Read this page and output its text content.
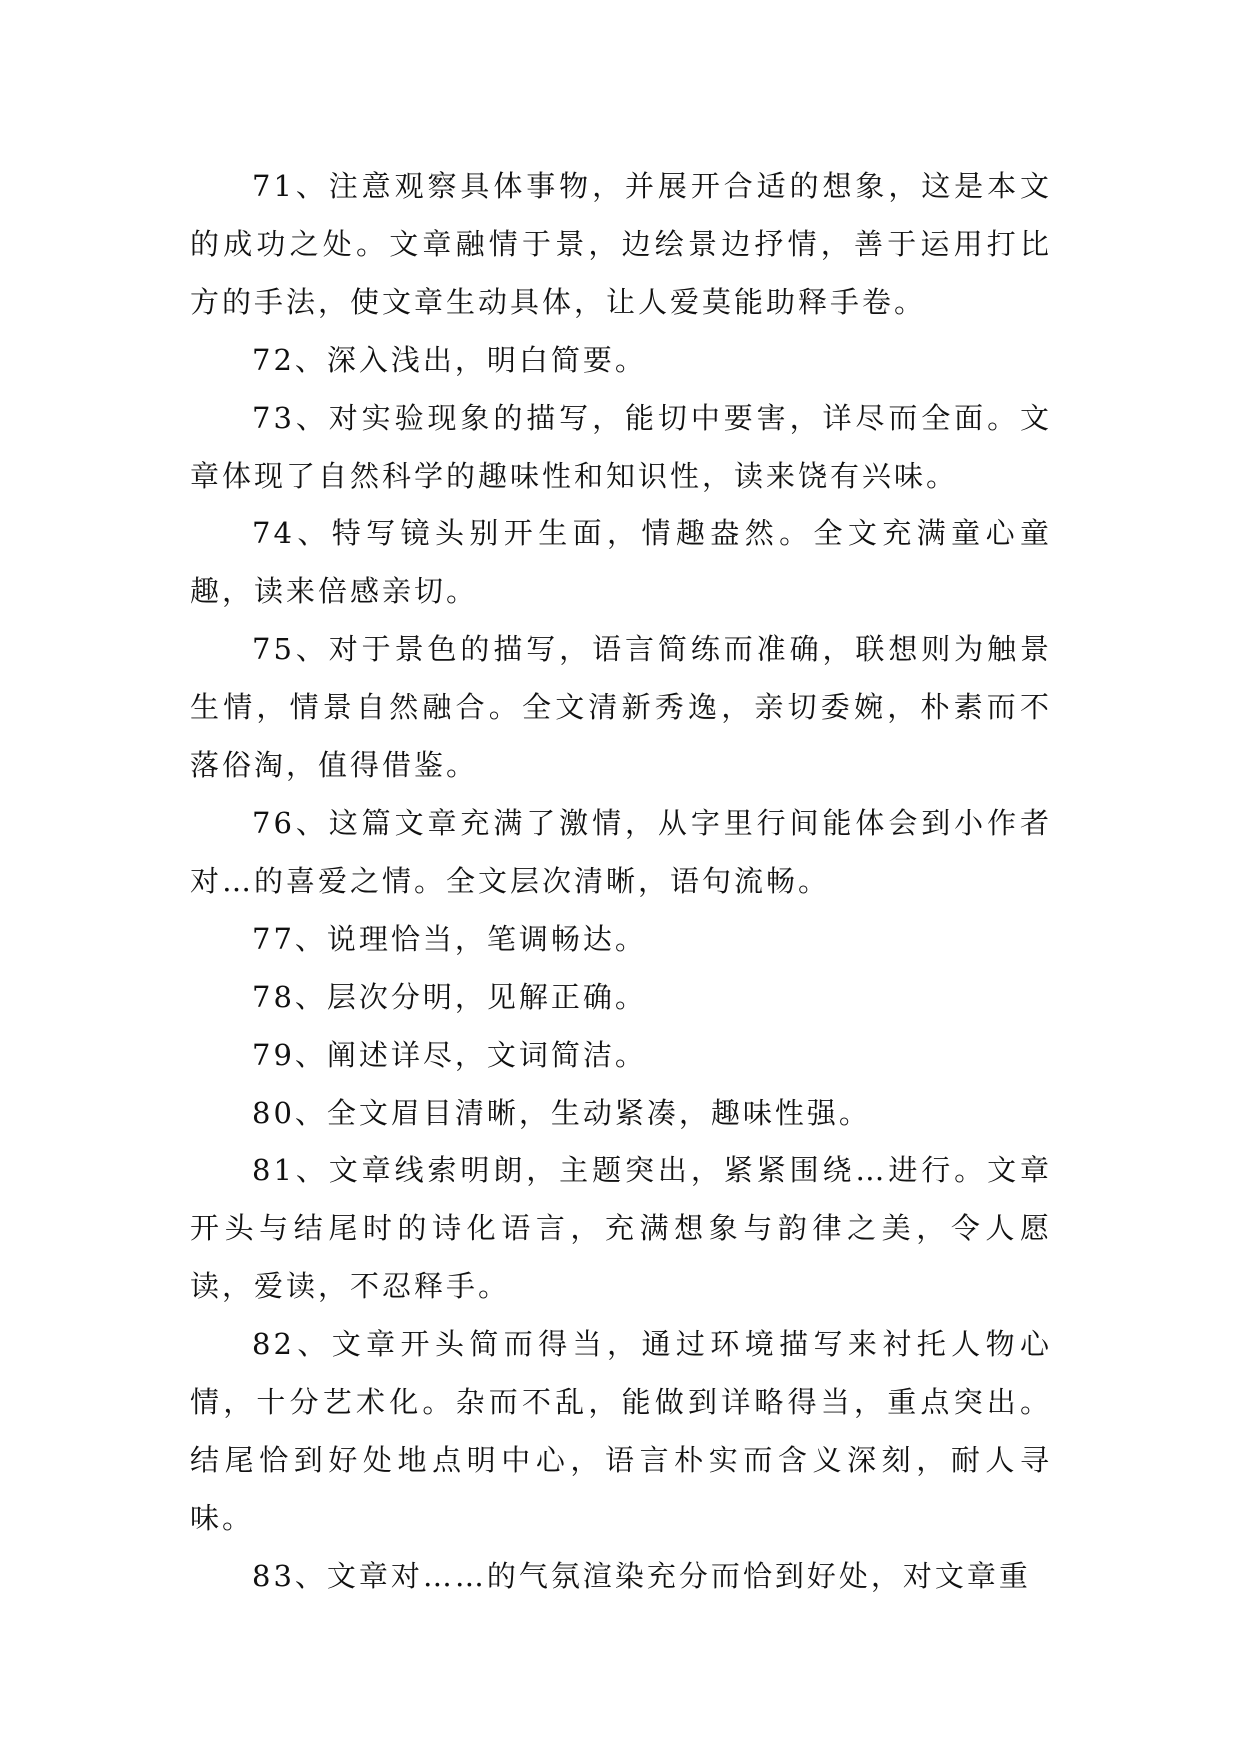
71、注意观察具体事物，并展开合适的想象，这是本文的成功之处。文章融情于景，边绘景边抒情，善于运用打比方的手法，使文章生动具体，让人爱莫能助释手卷。

72、深入浅出，明白简要。

73、对实验现象的描写，能切中要害，详尽而全面。文章体现了自然科学的趣味性和知识性，读来饶有兴味。

74、特写镜头别开生面，情趣盎然。全文充满童心童趣，读来倍感亲切。

75、对于景色的描写，语言简练而准确，联想则为触景生情，情景自然融合。全文清新秀逸，亲切委婉，朴素而不落俗淘，值得借鉴。

76、这篇文章充满了激情，从字里行间能体会到小作者对…的喜爱之情。全文层次清晰，语句流畅。

77、说理恰当，笔调畅达。

78、层次分明，见解正确。

79、阐述详尽，文词简洁。

80、全文眉目清晰，生动紧凑，趣味性强。

81、文章线索明朗，主题突出，紧紧围绕…进行。文章开头与结尾时的诗化语言，充满想象与韵律之美，令人愿读，爱读，不忍释手。

82、文章开头简而得当，通过环境描写来衬托人物心情，十分艺术化。杂而不乱，能做到详略得当，重点突出。结尾恰到好处地点明中心，语言朴实而含义深刻，耐人寻味。

83、文章对……的气氛渲染充分而恰到好处，对文章重
